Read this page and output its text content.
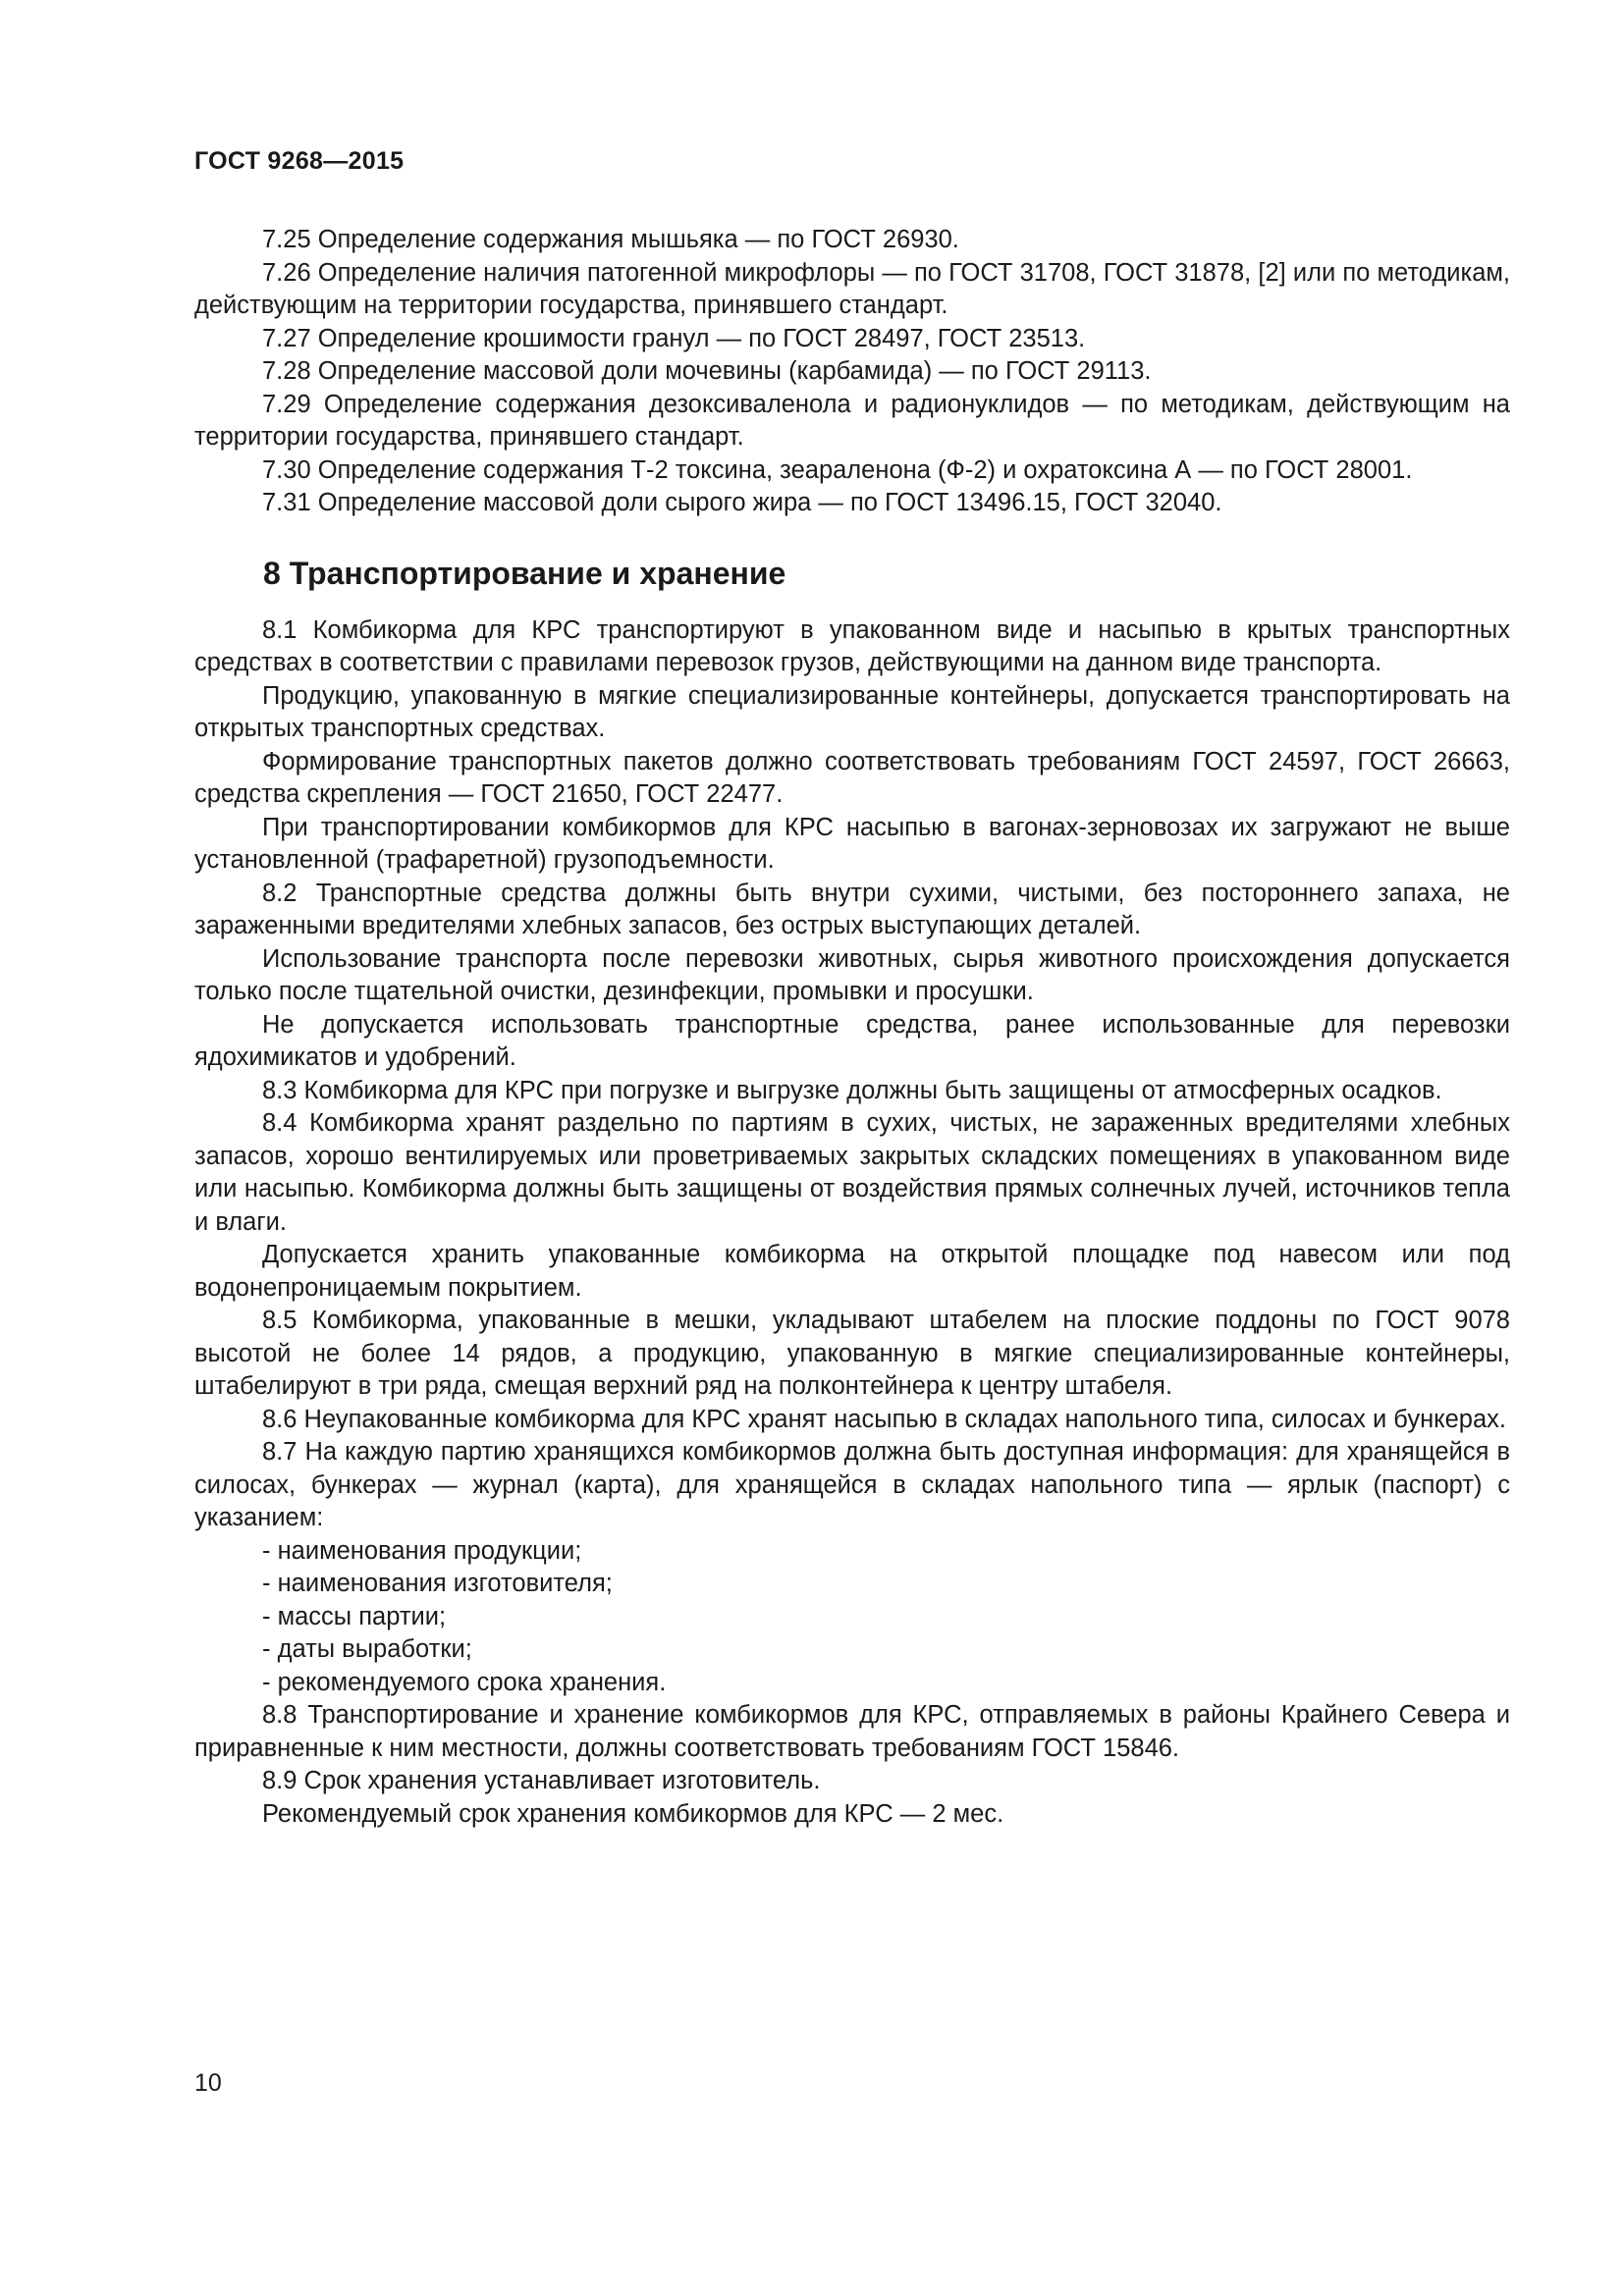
ГОСТ 9268—2015

7.25 Определение содержания мышьяка — по ГОСТ 26930.

7.26 Определение наличия патогенной микрофлоры — по ГОСТ 31708, ГОСТ 31878, [2] или по методикам, действующим на территории государства, принявшего стандарт.

7.27 Определение крошимости гранул — по ГОСТ 28497, ГОСТ 23513.

7.28 Определение массовой доли мочевины (карбамида) — по ГОСТ 29113.

7.29 Определение содержания дезоксиваленола и радионуклидов — по методикам, действующим на территории государства, принявшего стандарт.

7.30 Определение содержания Т-2 токсина, зеараленона (Ф-2) и охратоксина А — по ГОСТ 28001.

7.31 Определение массовой доли сырого жира — по ГОСТ 13496.15, ГОСТ 32040.

8 Транспортирование и хранение

8.1 Комбикорма для КРС транспортируют в упакованном виде и насыпью в крытых транспортных средствах в соответствии с правилами перевозок грузов, действующими на данном виде транспорта.

Продукцию, упакованную в мягкие специализированные контейнеры, допускается транспортировать на открытых транспортных средствах.

Формирование транспортных пакетов должно соответствовать требованиям ГОСТ 24597, ГОСТ 26663, средства скрепления — ГОСТ 21650, ГОСТ 22477.

При транспортировании комбикормов для КРС насыпью в вагонах-зерновозах их загружают не выше установленной (трафаретной) грузоподъемности.

8.2 Транспортные средства должны быть внутри сухими, чистыми, без постороннего запаха, не зараженными вредителями хлебных запасов, без острых выступающих деталей.

Использование транспорта после перевозки животных, сырья животного происхождения допускается только после тщательной очистки, дезинфекции, промывки и просушки.

Не допускается использовать транспортные средства, ранее использованные для перевозки ядохимикатов и удобрений.

8.3 Комбикорма для КРС при погрузке и выгрузке должны быть защищены от атмосферных осадков.

8.4 Комбикорма хранят раздельно по партиям в сухих, чистых, не зараженных вредителями хлебных запасов, хорошо вентилируемых или проветриваемых закрытых складских помещениях в упакованном виде или насыпью. Комбикорма должны быть защищены от воздействия прямых солнечных лучей, источников тепла и влаги.

Допускается хранить упакованные комбикорма на открытой площадке под навесом или под водонепроницаемым покрытием.

8.5 Комбикорма, упакованные в мешки, укладывают штабелем на плоские поддоны по ГОСТ 9078 высотой не более 14 рядов, а продукцию, упакованную в мягкие специализированные контейнеры, штабелируют в три ряда, смещая верхний ряд на полконтейнера к центру штабеля.

8.6 Неупакованные комбикорма для КРС хранят насыпью в складах напольного типа, силосах и бункерах.

8.7 На каждую партию хранящихся комбикормов должна быть доступная информация: для хранящейся в силосах, бункерах — журнал (карта), для хранящейся в складах напольного типа — ярлык (паспорт) с указанием:

- наименования продукции;

- наименования изготовителя;

- массы партии;

- даты выработки;

- рекомендуемого срока хранения.

8.8 Транспортирование и хранение комбикормов для КРС, отправляемых в районы Крайнего Севера и приравненные к ним местности, должны соответствовать требованиям ГОСТ 15846.

8.9 Срок хранения устанавливает изготовитель.

Рекомендуемый срок хранения комбикормов для КРС — 2 мес.

10
